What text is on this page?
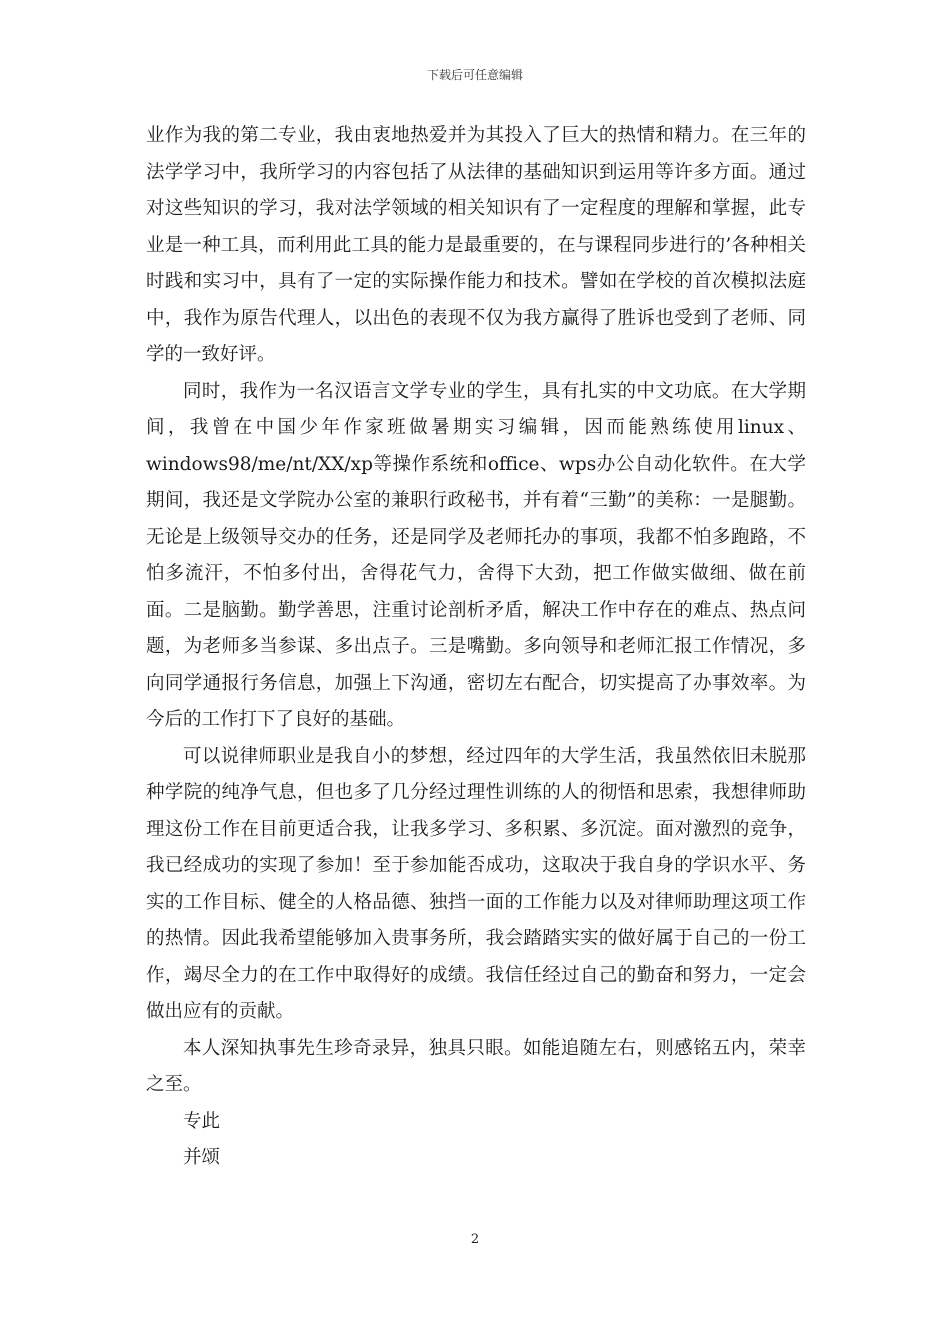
下载后可任意编辑

业作为我的第二专业，我由衷地热爱并为其投入了巨大的热情和精力。在三年的法学学习中，我所学习的内容包括了从法律的基础知识到运用等许多方面。通过对这些知识的学习，我对法学领域的相关知识有了一定程度的理解和掌握，此专业是一种工具，而利用此工具的能力是最重要的，在与课程同步进行的’各种相关时践和实习中，具有了一定的实际操作能力和技术。譬如在学校的首次模拟法庭中，我作为原告代理人，以出色的表现不仅为我方赢得了胜诉也受到了老师、同学的一致好评。

同时，我作为一名汉语言文学专业的学生，具有扎实的中文功底。在大学期间，我曾在中国少年作家班做暑期实习编辑，因而能熟练使用linux、windows98/me/nt/XX/xp等操作系统和office、wps办公自动化软件。在大学期间，我还是文学院办公室的兼职行政秘书，并有着“三勤”的美称：一是腿勤。无论是上级领导交办的任务，还是同学及老师托办的事项，我都不怕多跑路，不怕多流汗，不怕多付出，舍得花气力，舍得下大劲，把工作做实做细、做在前面。二是脑勤。勤学善思，注重讨论剖析矛盾，解决工作中存在的难点、热点问题，为老师多当参谋、多出点子。三是嘴勤。多向领导和老师汇报工作情况，多向同学通报行务信息，加强上下沟通，密切左右配合，切实提高了办事效率。为今后的工作打下了良好的基础。

可以说律师职业是我自小的梦想，经过四年的大学生活，我虽然依旧未脱那种学院的纯净气息，但也多了几分经过理性训练的人的彻悟和思索，我想律师助理这份工作在目前更适合我，让我多学习、多积累、多沉淀。面对激烈的竞争，我已经成功的实现了参加！至于参加能否成功，这取决于我自身的学识水平、务实的工作目标、健全的人格品德、独挡一面的工作能力以及对律师助理这项工作的热情。因此我希望能够加入贵事务所，我会踏踏实实的做好属于自己的一份工作，竭尽全力的在工作中取得好的成绩。我信任经过自己的勤奋和努力，一定会做出应有的贡献。

本人深知执事先生珍奇录异，独具只眼。如能追随左右，则感铭五内，荣幸之至。

专此

并颂

2
